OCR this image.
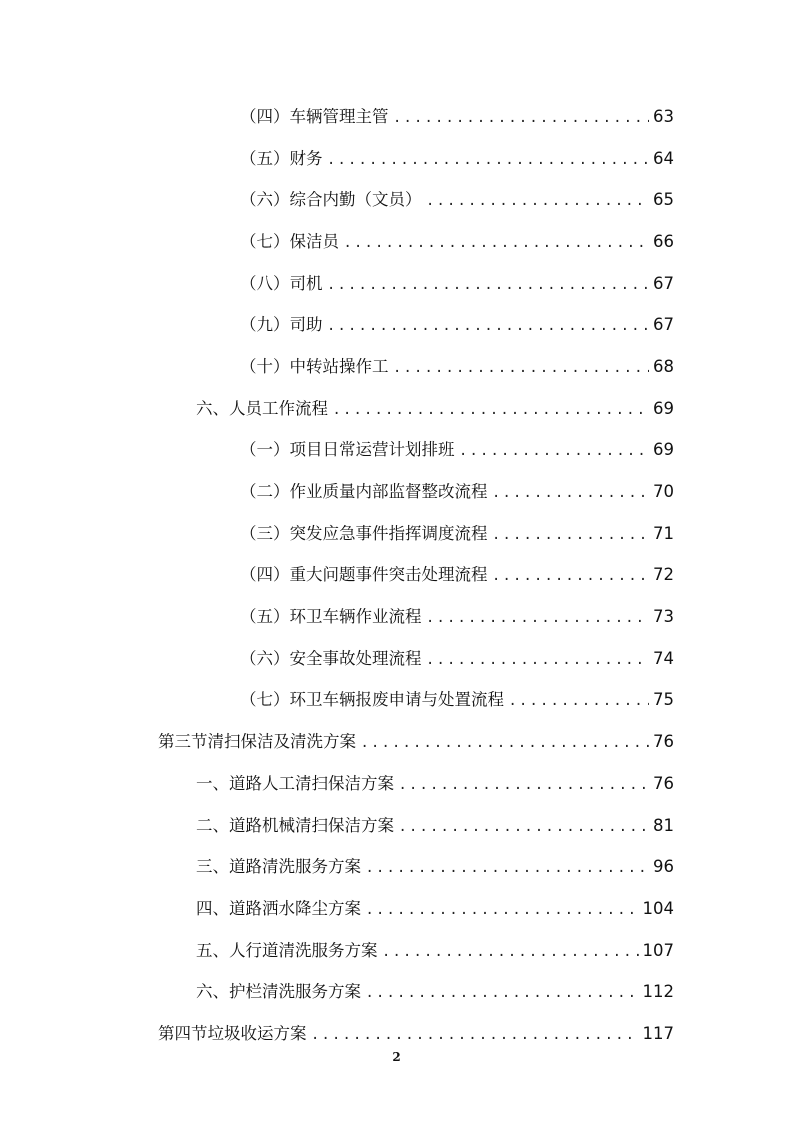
（四） 车辆管理主管 . . .	63
（五） 财务 . . .	64
（六） 综合内勤（文员） . . .	65
（七） 保洁员 . . .	66
（八） 司机 . . .	67
（九） 司助 . . .	67
（十） 中转站操作工 . . .	68
六、 人员工作流程 . . .	69
（一） 项目日常运营计划排班 . . .	69
（二） 作业质量内部监督整改流程 . . .	70
（三） 突发应急事件指挥调度流程 . . .	71
（四） 重大问题事件突击处理流程 . . .	72
（五） 环卫车辆作业流程 . . .	73
（六） 安全事故处理流程 . . .	74
（七） 环卫车辆报废申请与处置流程 . . .	75
第三节 清扫保洁及清洗方案 . . .	76
一、 道路人工清扫保洁方案 . . .	76
二、 道路机械清扫保洁方案 . . .	81
三、 道路清洗服务方案 . . .	96
四、 道路洒水降尘方案 . . .	104
五、 人行道清洗服务方案 . . .	107
六、 护栏清洗服务方案 . . .	112
第四节 垃圾收运方案 . . .	117
2
